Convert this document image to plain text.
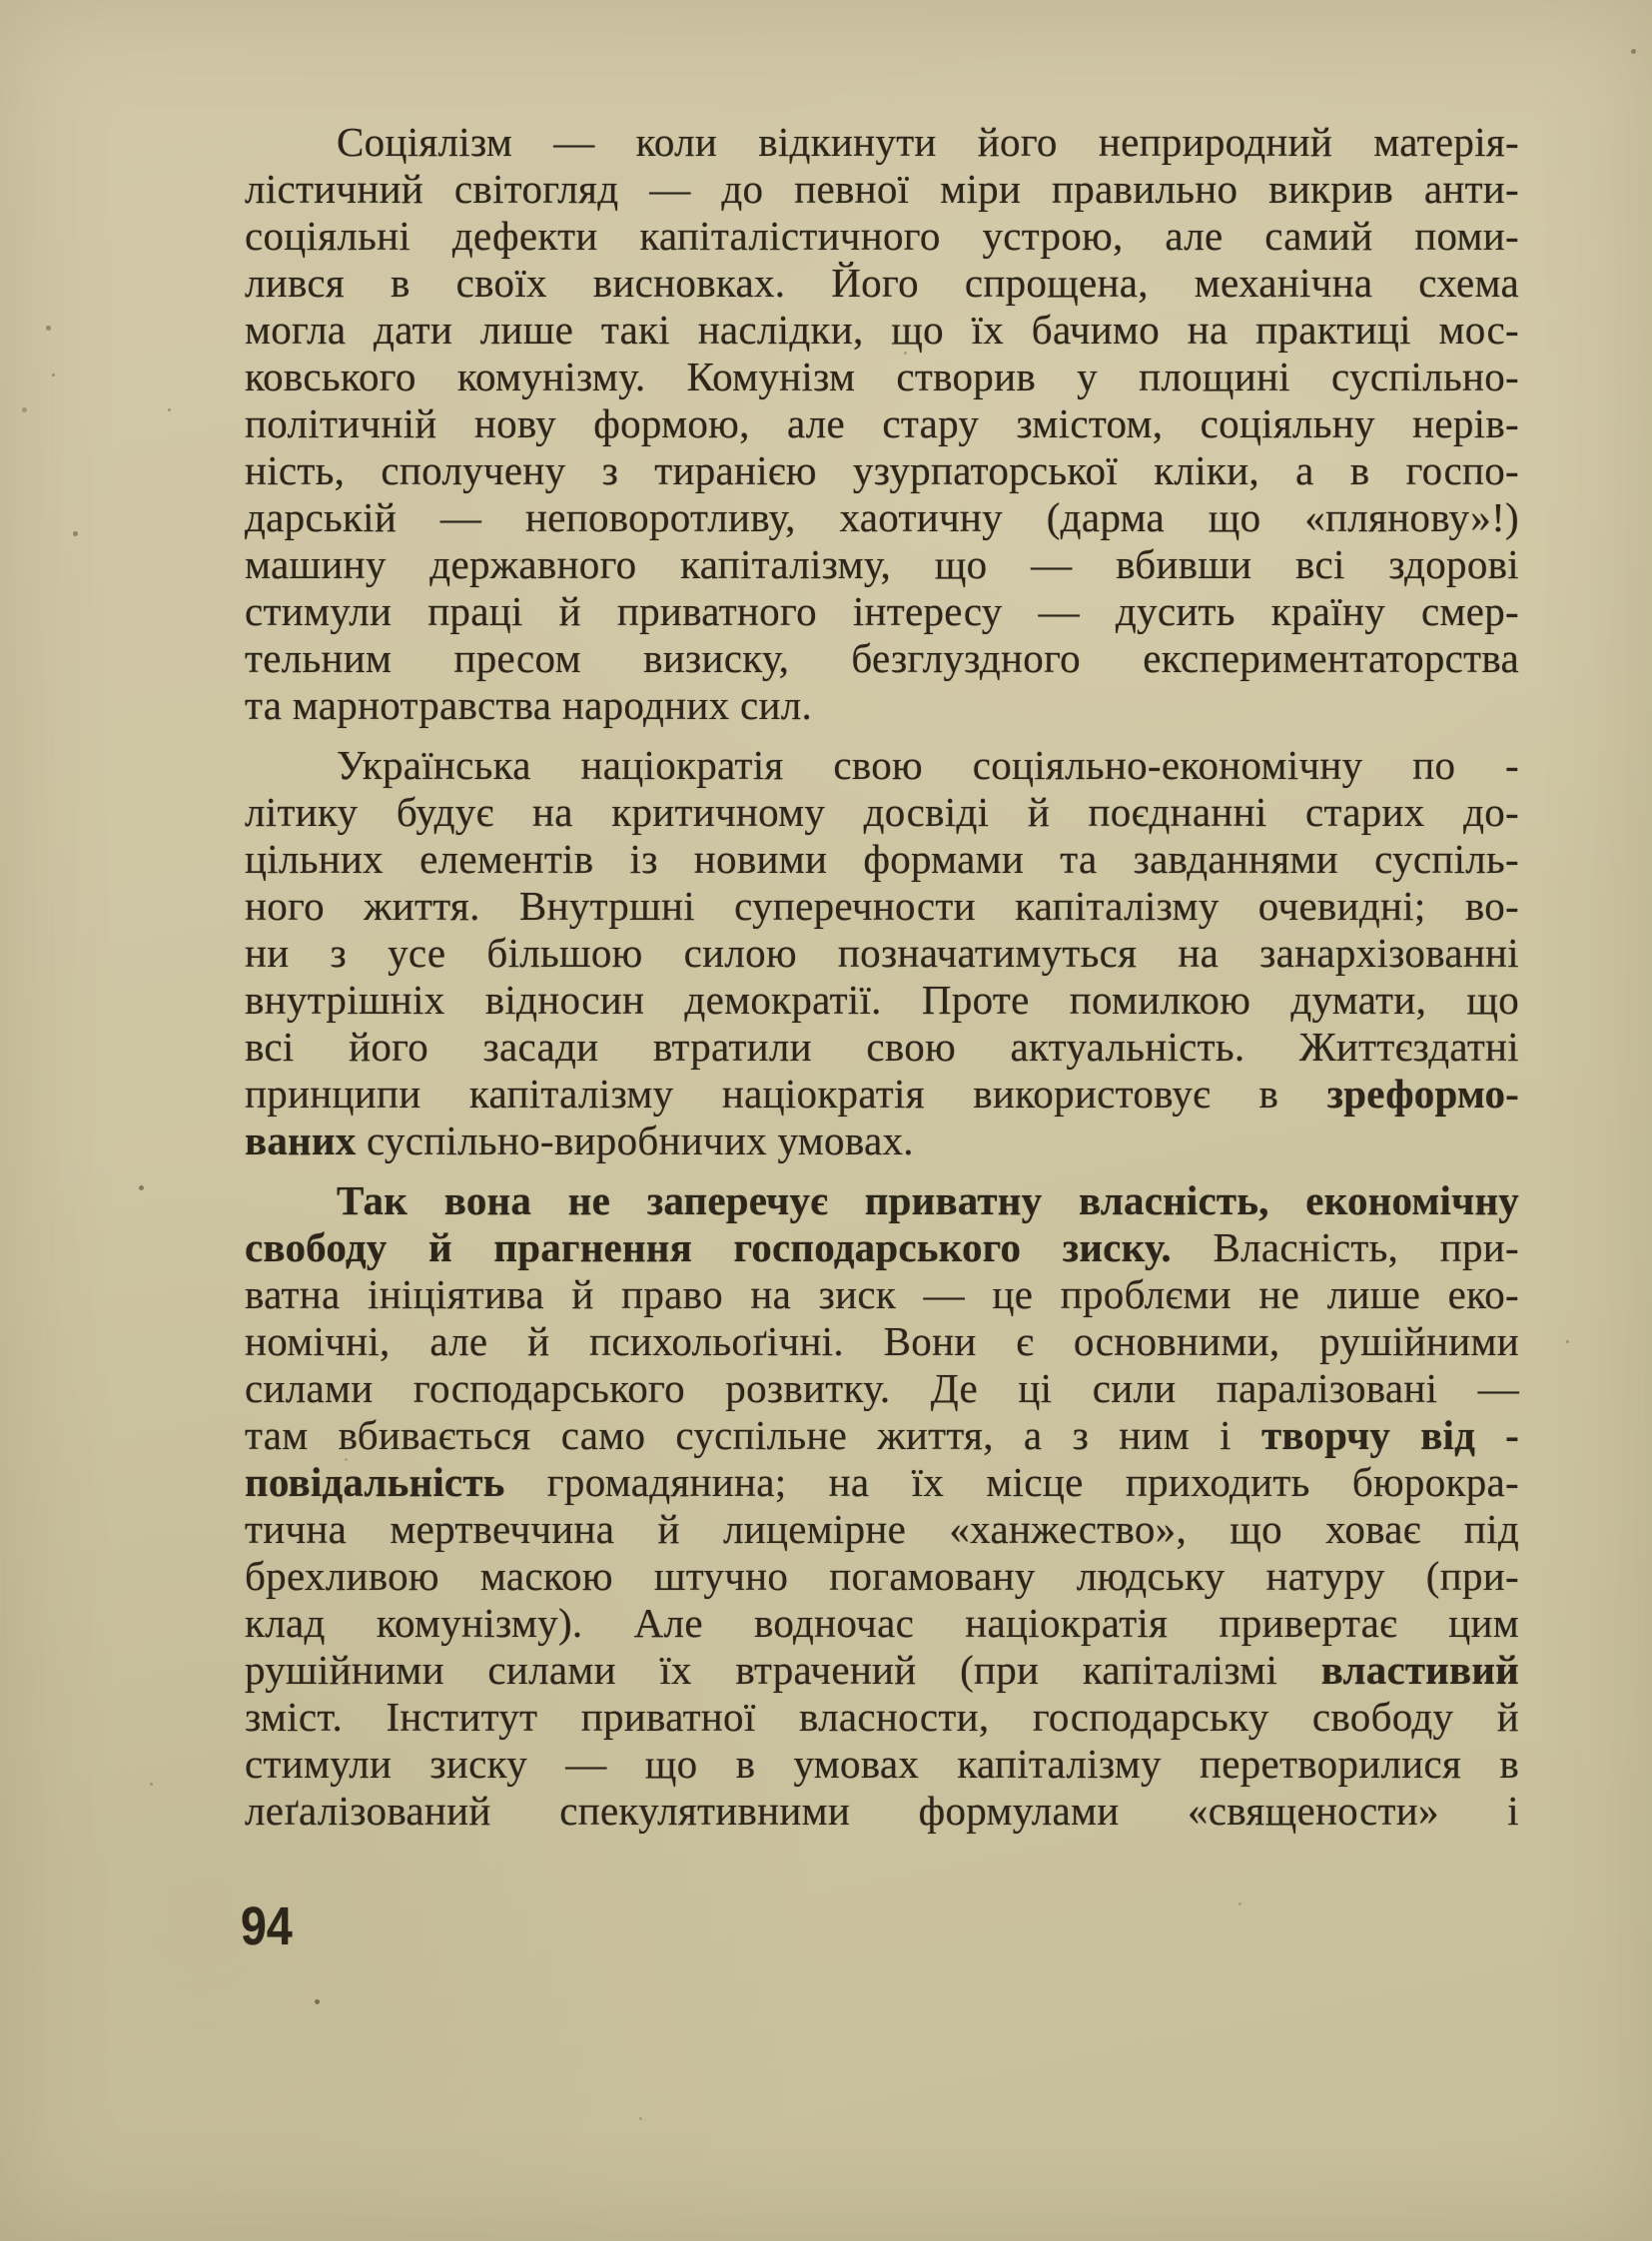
Соціялізм — коли відкинути його неприродний матерія-
лістичний світогляд — до певної міри правильно викрив анти-
соціяльні дефекти капіталістичного устрою, але самий поми-
лився в своїх висновках. Його спрощена, механічна схема
могла дати лише такі наслідки, що їх бачимо на практиці мос-
ковського комунізму. Комунізм створив у площині суспільно-
політичній нову формою, але стару змістом, соціяльну нерів-
ність, сполучену з тиранією узурпаторської кліки, а в госпо-
дарській — неповоротливу, хаотичну (дарма що «плянову»!)
машину державного капіталізму, що — вбивши всі здорові
стимули праці й приватного інтересу — дусить країну смер-
тельним пресом визиску, безглуздного експериментаторства
та марнотравства народних сил.
Українська націократія свою соціяльно-економічну по -
літику будує на критичному досвіді й поєднанні старих до-
цільних елементів із новими формами та завданнями суспіль-
ного життя. Внутршні суперечности капіталізму очевидні; во-
ни з усе більшою силою позначатимуться на занархізованні
внутрішніх відносин демократії. Проте помилкою думати, що
всі його засади втратили свою актуальність. Життєздатні
принципи капіталізму націократія використовує в зреформо-
ваних суспільно-виробничих умовах.
Так вона не заперечує приватну власність, економічну
свободу й прагнення господарського зиску. Власність, при-
ватна ініціятива й право на зиск — це проблєми не лише еко-
номічні, але й психольоґічні. Вони є основними, рушійними
силами господарського розвитку. Де ці сили паралізовані —
там вбивається само суспільне життя, а з ним і творчу від -
повідальність громадянина; на їх місце приходить бюрокра-
тична мертвеччина й лицемірне «ханжество», що ховає під
брехливою маскою штучно погамовану людську натуру (при-
клад комунізму). Але водночас націократія привертає цим
рушійними силами їх втрачений (при капіталізмі властивий
зміст. Інститут приватної власности, господарську свободу й
стимули зиску — що в умовах капіталізму перетворилися в
леґалізований спекулятивними формулами «священости» і
94
